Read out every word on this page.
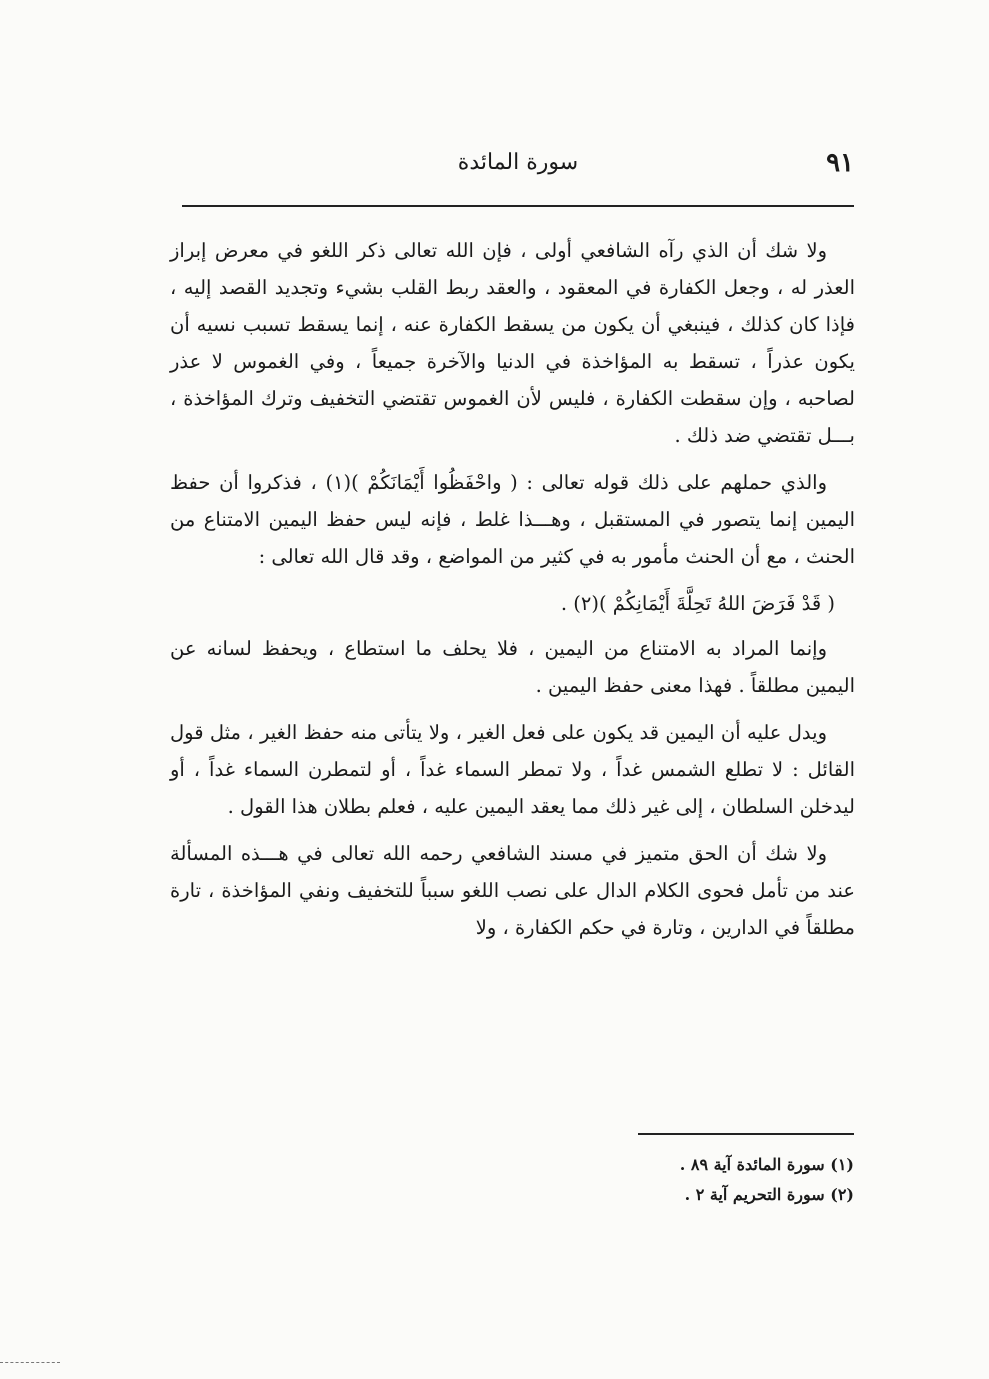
٩١
سورة المائدة

ولا شك أن الذي رآه الشافعي أولى ، فإن الله تعالى ذكر اللغو في معرض إبراز العذر له ، وجعل الكفارة في المعقود ، والعقد ربط القلب بشيء وتجديد القصد إليه ، فإذا كان كذلك ، فينبغي أن يكون من يسقط الكفارة عنه ، إنما يسقط تسبب نسيه أن يكون عذراً ، تسقط به المؤاخذة في الدنيا والآخرة جميعاً ، وفي الغموس لا عذر لصاحبه ، وإن سقطت الكفارة ، فليس لأن الغموس تقتضي التخفيف وترك المؤاخذة ، بـــل تقتضي ضد ذلك .

والذي حملهم على ذلك قوله تعالى : ( واحْفَظُوا أَيْمَانَكُمْ )(١) ، فذكروا أن حفظ اليمين إنما يتصور في المستقبل ، وهـــذا غلط ، فإنه ليس حفظ اليمين الامتناع من الحنث ، مع أن الحنث مأمور به في كثير من المواضع ، وقد قال الله تعالى :

( قَدْ فَرَضَ اللهُ تَحِلَّةَ أَيْمَانِكُمْ )(٢) .

وإنما المراد به الامتناع من اليمين ، فلا يحلف ما استطاع ، ويحفظ لسانه عن اليمين مطلقاً . فهذا معنى حفظ اليمين .

ويدل عليه أن اليمين قد يكون على فعل الغير ، ولا يتأتى منه حفظ الغير ، مثل قول القائل : لا تطلع الشمس غداً ، ولا تمطر السماء غداً ، أو لتمطرن السماء غداً ، أو ليدخلن السلطان ، إلى غير ذلك مما يعقد اليمين عليه ، فعلم بطلان هذا القول .

ولا شك أن الحق متميز في مسند الشافعي رحمه الله تعالى في هـــذه المسألة عند من تأمل فحوى الكلام الدال على نصب اللغو سبباً للتخفيف ونفي المؤاخذة ، تارة مطلقاً في الدارين ، وتارة في حكم الكفارة ، ولا

(١) سورة المائدة آية ٨٩ .

(٢) سورة التحريم آية ٢ .
